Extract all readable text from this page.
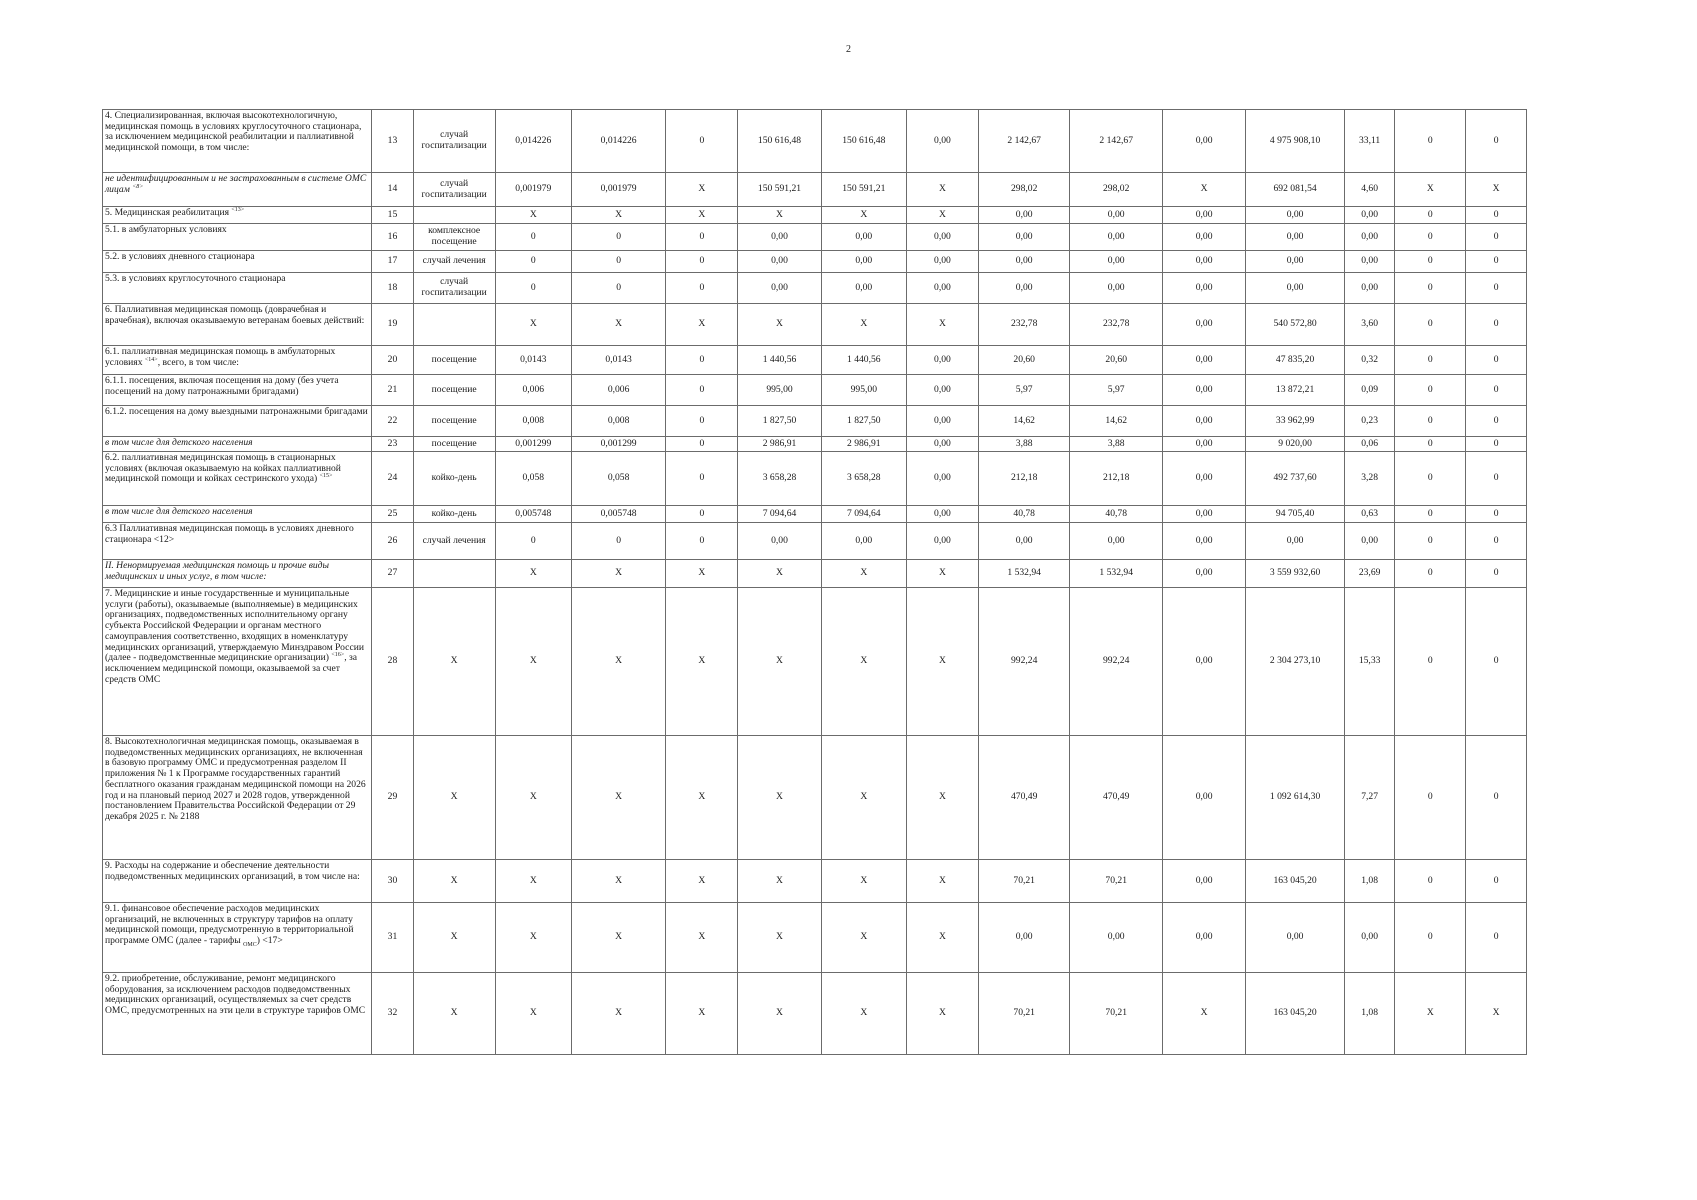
2
4. Специализированная, включая высокотехнологичную, медицинская помощь в условиях круглосуточного стационара, за исключением медицинской реабилитации и паллиативной медицинской помощи, в том числе:	13	случай госпитализации	0,014226	0,014226	0	150 616,48	150 616,48	0,00	2 142,67	2 142,67	0,00	4 975 908,10	33,11	0	0
не идентифицированным и не застрахованным в системе ОМС лицам $^{<8>}$	14	случай госпитализации	0,001979	0,001979	X	150 591,21	150 591,21	X	298,02	298,02	X	692 081,54	4,60	X	X
5. Медицинская реабилитация $^{<13>}$	15		X	X	X	X	X	X	0,00	0,00	0,00	0,00	0,00	0	0
5.1. в амбулаторных условиях	16	комплексное посещение	0	0	0	0,00	0,00	0,00	0,00	0,00	0,00	0,00	0,00	0	0
5.2. в условиях дневного стационара	17	случай лечения	0	0	0	0,00	0,00	0,00	0,00	0,00	0,00	0,00	0,00	0	0
5.3. в условиях круглосуточного стационара	18	случай госпитализации	0	0	0	0,00	0,00	0,00	0,00	0,00	0,00	0,00	0,00	0	0
6. Паллиативная медицинская помощь (доврачебная и врачебная), включая оказываемую ветеранам боевых действий:	19		X	X	X	X	X	X	232,78	232,78	0,00	540 572,80	3,60	0	0
6.1. паллиативная медицинская помощь в амбулаторных условиях $^{<14>}$, всего, в том числе:	20	посещение	0,0143	0,0143	0	1 440,56	1 440,56	0,00	20,60	20,60	0,00	47 835,20	0,32	0	0
6.1.1. посещения, включая посещения на дому (без учета посещений на дому патронажными бригадами)	21	посещение	0,006	0,006	0	995,00	995,00	0,00	5,97	5,97	0,00	13 872,21	0,09	0	0
6.1.2. посещения на дому выездными патронажными бригадами	22	посещение	0,008	0,008	0	1 827,50	1 827,50	0,00	14,62	14,62	0,00	33 962,99	0,23	0	0
в том числе для детского населения	23	посещение	0,001299	0,001299	0	2 986,91	2 986,91	0,00	3,88	3,88	0,00	9 020,00	0,06	0	0
6.2. паллиативная медицинская помощь в стационарных условиях (включая оказываемую на койках паллиативной медицинской помощи и койках сестринского ухода) $^{<15>}$	24	койко-день	0,058	0,058	0	3 658,28	3 658,28	0,00	212,18	212,18	0,00	492 737,60	3,28	0	0
в том числе для детского населения	25	койко-день	0,005748	0,005748	0	7 094,64	7 094,64	0,00	40,78	40,78	0,00	94 705,40	0,63	0	0
6.3 Паллиативная медицинская помощь в условиях дневного стационара <12>	26	случай лечения	0	0	0	0,00	0,00	0,00	0,00	0,00	0,00	0,00	0,00	0	0
II. Ненормируемая медицинская помощь и прочие виды медицинских и иных услуг, в том числе:	27		X	X	X	X	X	X	1 532,94	1 532,94	0,00	3 559 932,60	23,69	0	0
7. Медицинские и иные государственные и муниципальные услуги (работы), оказываемые (выполняемые) в медицинских организациях, подведомственных исполнительному органу субъекта Российской Федерации и органам местного самоуправления соответственно, входящих в номенклатуру медицинских организаций, утверждаемую Минздравом России (далее - подведомственные медицинские организации) $^{<16>}$, за исключением медицинской помощи, оказываемой за счет средств ОМС	28	X	X	X	X	X	X	X	992,24	992,24	0,00	2 304 273,10	15,33	0	0
8. Высокотехнологичная медицинская помощь, оказываемая в подведомственных медицинских организациях, не включенная в базовую программу ОМС и предусмотренная разделом II приложения № 1 к Программе государственных гарантий бесплатного оказания гражданам медицинской помощи на 2026 год и на плановый период 2027 и 2028 годов, утвержденной постановлением Правительства Российской Федерации от 29 декабря 2025 г. № 2188	29	X	X	X	X	X	X	X	470,49	470,49	0,00	1 092 614,30	7,27	0	0
9. Расходы на содержание и обеспечение деятельности подведомственных медицинских организаций, в том числе на:	30	X	X	X	X	X	X	X	70,21	70,21	0,00	163 045,20	1,08	0	0
9.1. финансовое обеспечение расходов медицинских организаций, не включенных в структуру тарифов на оплату медицинской помощи, предусмотренную в территориальной программе ОМС (далее - тарифы $_{ОМС}$) <17>	31	X	X	X	X	X	X	X	0,00	0,00	0,00	0,00	0,00	0	0
9.2. приобретение, обслуживание, ремонт медицинского оборудования, за исключением расходов подведомственных медицинских организаций, осуществляемых за счет средств ОМС, предусмотренных на эти цели в структуре тарифов ОМС	32	X	X	X	X	X	X	X	70,21	70,21	X	163 045,20	1,08	X	X
